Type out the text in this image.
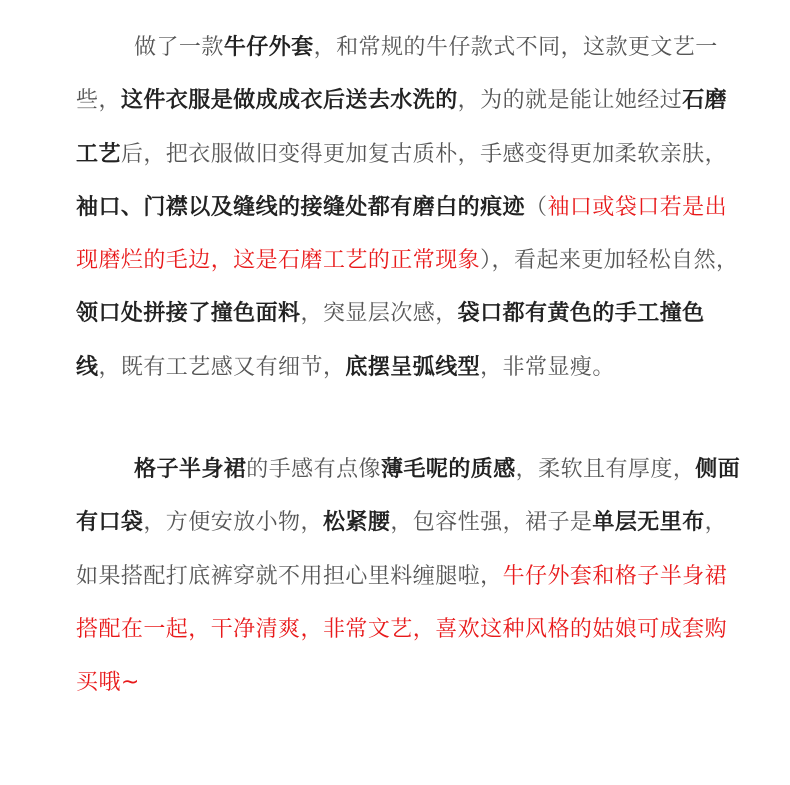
做了一款牛仔外套，和常规的牛仔款式不同，这款更文艺一些，这件衣服是做成成衣后送去水洗的，为的就是能让她经过石磨工艺后，把衣服做旧变得更加复古质朴，手感变得更加柔软亲肤，袖口、门襟以及缝线的接缝处都有磨白的痕迹（袖口或袋口若是出现磨烂的毛边，这是石磨工艺的正常现象），看起来更加轻松自然，领口处拼接了撞色面料，突显层次感，袋口都有黄色的手工撞色线，既有工艺感又有细节，底摆呈弧线型，非常显瘦。

格子半身裙的手感有点像薄毛呢的质感，柔软且有厚度，侧面有口袋，方便安放小物，松紧腰，包容性强，裙子是单层无里布，如果搭配打底裤穿就不用担心里料缠腿啦，牛仔外套和格子半身裙搭配在一起，干净清爽，非常文艺，喜欢这种风格的姑娘可成套购买哦~
